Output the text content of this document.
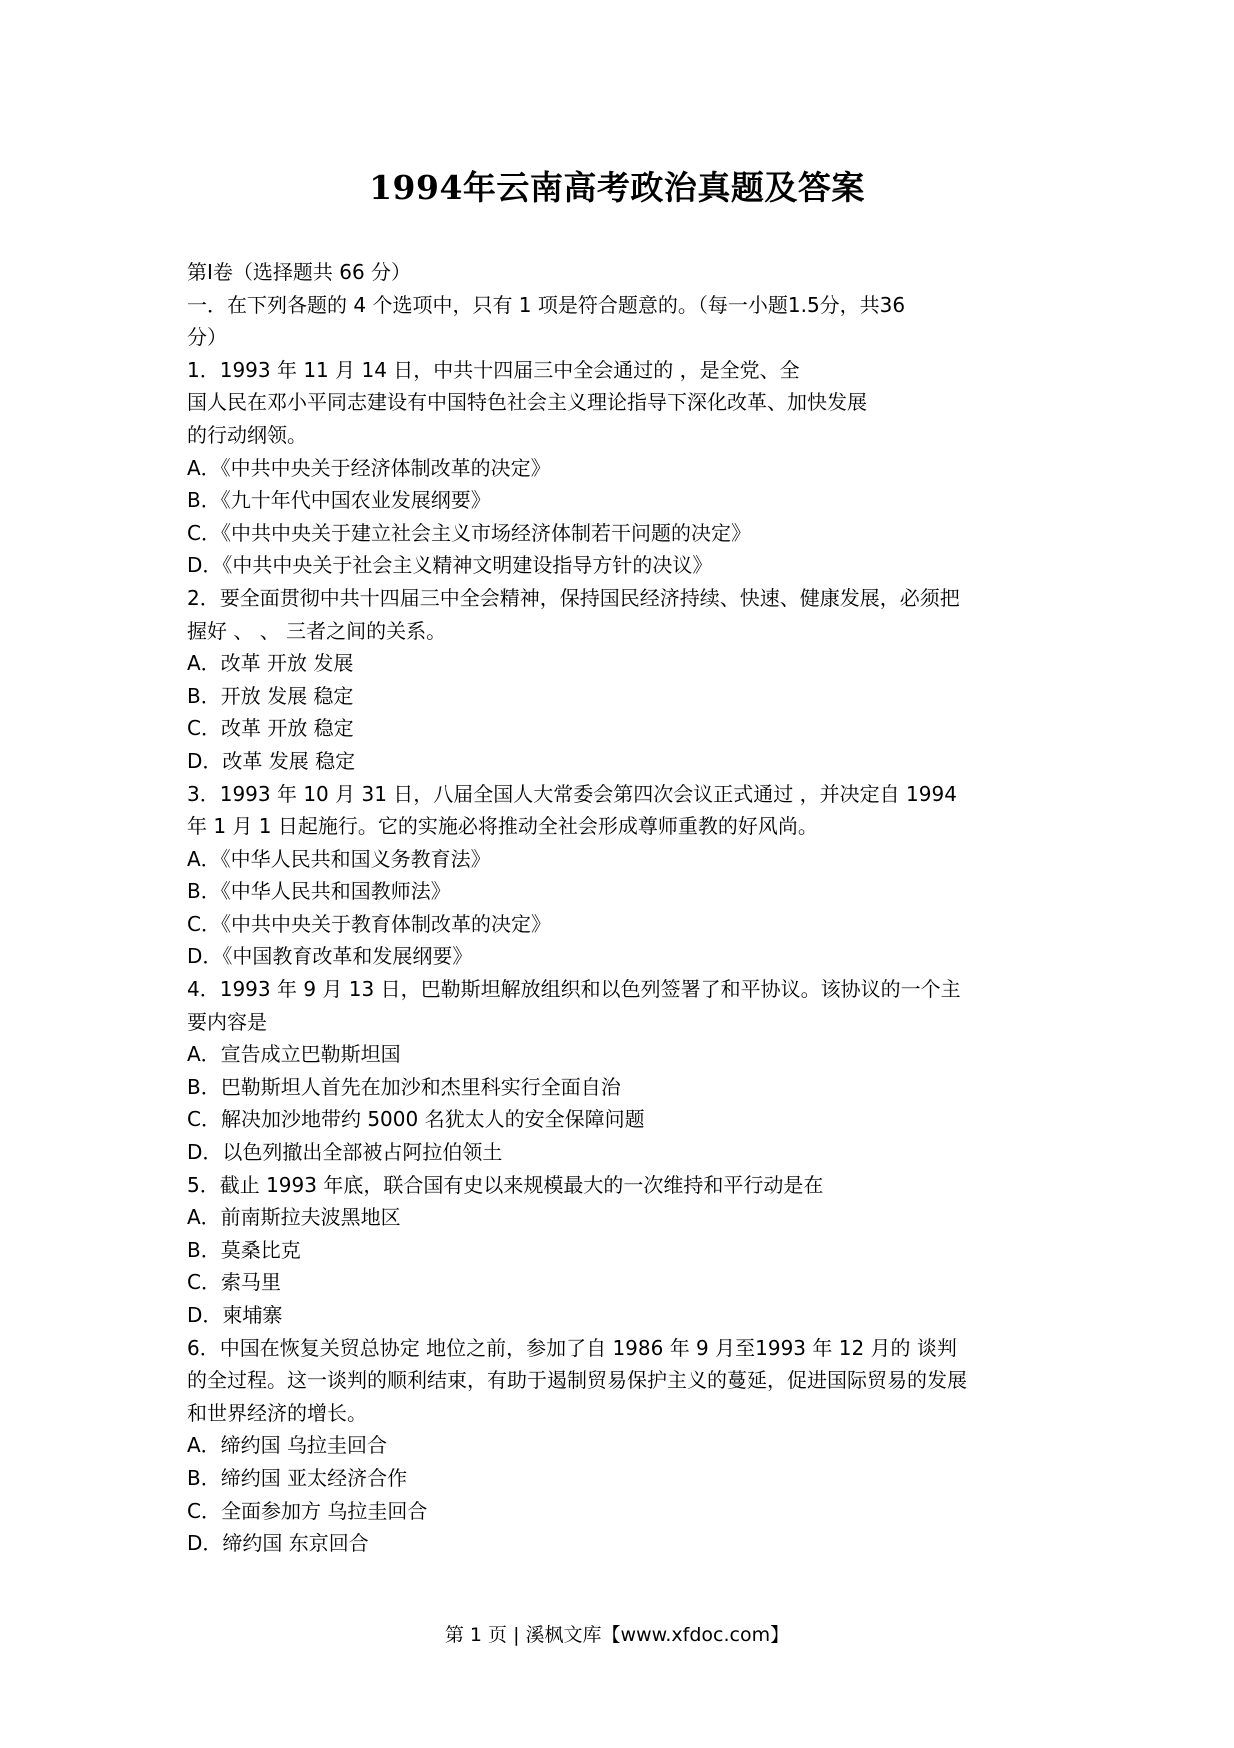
1994年云南高考政治真题及答案
第Ⅰ卷（选择题共 66 分）
一．在下列各题的 4 个选项中，只有 1 项是符合题意的。（每一小题1.5分，共36
分）
1．1993 年 11 月 14 日，中共十四届三中全会通过的 ，是全党、全
国人民在邓小平同志建设有中国特色社会主义理论指导下深化改革、加快发展
的行动纲领。
A．《中共中央关于经济体制改革的决定》
B．《九十年代中国农业发展纲要》
C．《中共中央关于建立社会主义市场经济体制若干问题的决定》
D．《中共中央关于社会主义精神文明建设指导方针的决议》
2．要全面贯彻中共十四届三中全会精神，保持国民经济持续、快速、健康发展，必须把
握好 、 、 三者之间的关系。
A．改革 开放 发展
B．开放 发展 稳定
C．改革 开放 稳定
D．改革 发展 稳定
3．1993 年 10 月 31 日，八届全国人大常委会第四次会议正式通过 ，并决定自 1994
年 1 月 1 日起施行。它的实施必将推动全社会形成尊师重教的好风尚。
A．《中华人民共和国义务教育法》
B．《中华人民共和国教师法》
C．《中共中央关于教育体制改革的决定》
D．《中国教育改革和发展纲要》
4．1993 年 9 月 13 日，巴勒斯坦解放组织和以色列签署了和平协议。该协议的一个主
要内容是
A．宣告成立巴勒斯坦国
B．巴勒斯坦人首先在加沙和杰里科实行全面自治
C．解决加沙地带约 5000 名犹太人的安全保障问题
D．以色列撤出全部被占阿拉伯领土
5．截止 1993 年底，联合国有史以来规模最大的一次维持和平行动是在
A．前南斯拉夫波黑地区
B．莫桑比克
C．索马里
D．柬埔寨
6．中国在恢复关贸总协定 地位之前，参加了自 1986 年 9 月至1993 年 12 月的 谈判
的全过程。这一谈判的顺利结束，有助于遏制贸易保护主义的蔓延，促进国际贸易的发展
和世界经济的增长。
A．缔约国 乌拉圭回合
B．缔约国 亚太经济合作
C．全面参加方 乌拉圭回合
D．缔约国 东京回合
第 1 页 | 溪枫文库【www.xfdoc.com】
